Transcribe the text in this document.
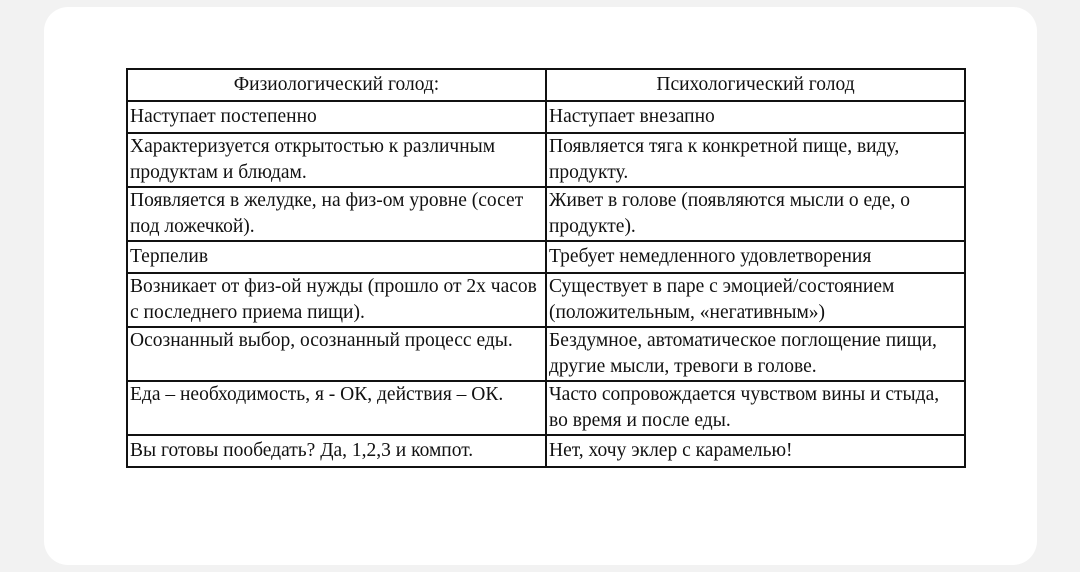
Физиологический голод:	Психологический голод
Наступает постепенно	Наступает внезапно
Характеризуется открытостью к различным продуктам и блюдам.	Появляется тяга к конкретной пище, виду, продукту.
Появляется в желудке, на физ-ом уровне (сосет под ложечкой).	Живет в голове (появляются мысли о еде, о продукте).
Терпелив	Требует немедленного удовлетворения
Возникает от физ-ой нужды (прошло от 2х часов с последнего приема пищи).	Существует в паре с эмоцией/состоянием (положительным, «негативным»)
Осознанный выбор, осознанный процесс еды.	Бездумное, автоматическое поглощение пищи, другие мысли, тревоги в голове.
Еда – необходимость, я - ОК, действия – ОК.	Часто сопровождается чувством вины и стыда, во время и после еды.
Вы готовы пообедать? Да, 1,2,3 и компот.	Нет, хочу эклер с карамелью!
